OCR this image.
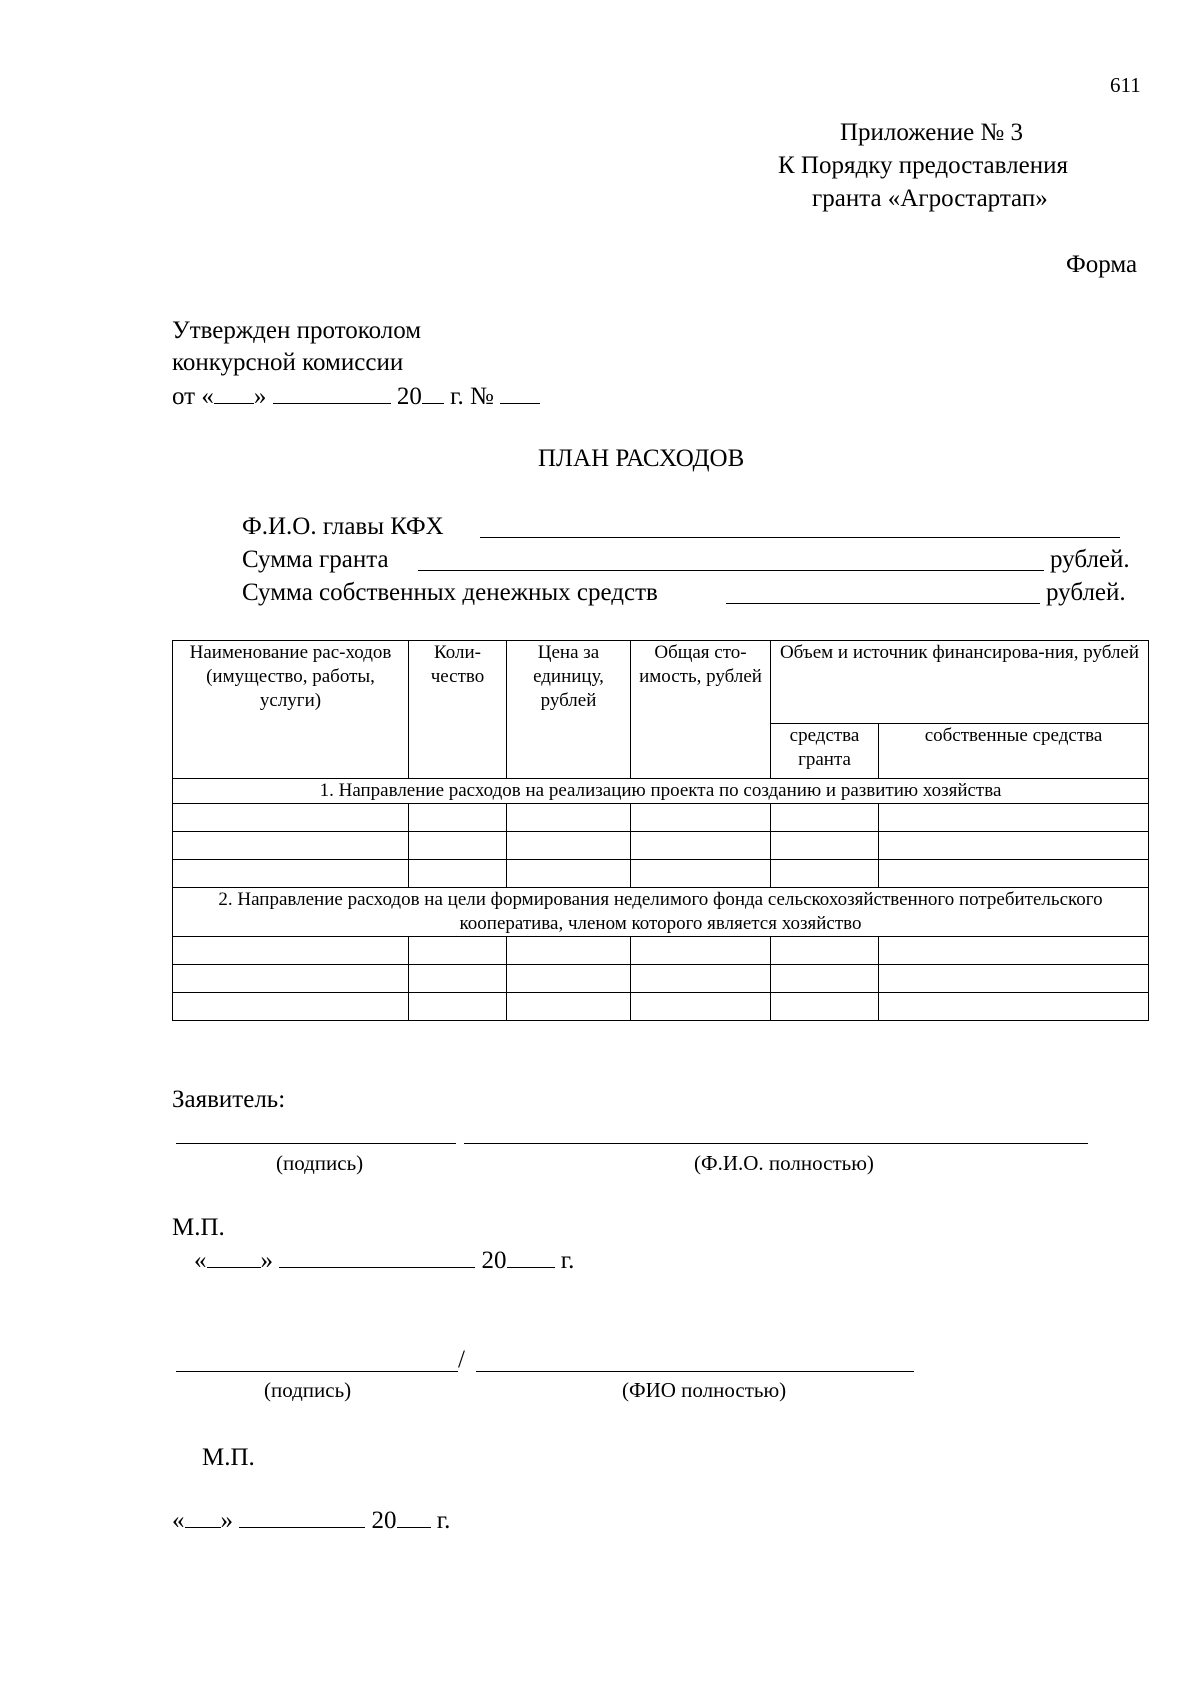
611
Приложение № 3
К Порядку предоставления
гранта «Агростартап»
Форма
Утвержден протоколом
конкурсной комиссии
от « »	20 г. №
ПЛАН РАСХОДОВ
Ф.И.О. главы КФХ
Сумма гранта	рублей.
Сумма собственных денежных средств	рублей.
Наименование рас-ходов (имущество, работы, услуги)	Коли-чество	Цена за единицу, рублей	Общая сто-имость, рублей	Объем и источник финансирова-ния, рублей	
				средства гранта	собственные средства
1. Направление расходов на реализацию проекта по созданию и развитию хозяйства					

2. Направление расходов на цели формирования неделимого фонда сельскохозяйственного потребительского кооператива, членом которого является хозяйство					

Заявитель:
(подпись)	(Ф.И.О. полностью)
М.П.
« »	20 г.
/
(подпись)	(ФИО полностью)
М.П.
« »	20 г.
